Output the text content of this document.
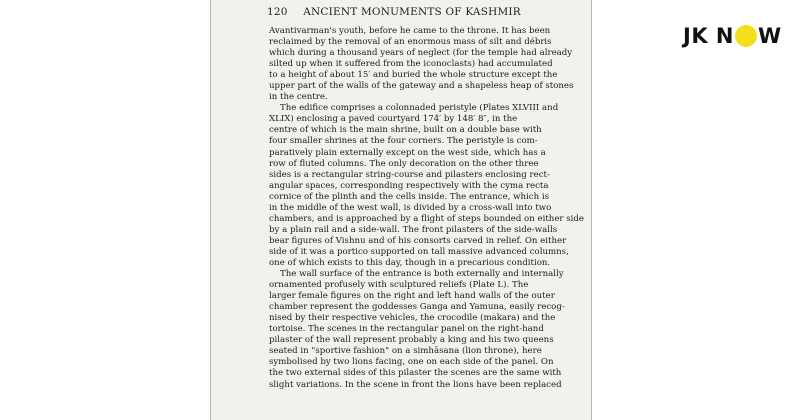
120 ANCIENT MONUMENTS OF KASHMIR
Avantivarman's youth, before he came to the throne. It has been
reclaimed by the removal of an enormous mass of silt and débris
which during a thousand years of neglect (for the temple had already
silted up when it suffered from the iconoclasts) had accumulated
to a height of about 15′ and buried the whole structure except the
upper part of the walls of the gateway and a shapeless heap of stones
in the centre.
The edifice comprises a colonnaded peristyle (Plates XLVIII and
XLIX) enclosing a paved courtyard 174′ by 148′ 8″, in the
centre of which is the main shrine, built on a double base with
four smaller shrines at the four corners. The peristyle is com-
paratively plain externally except on the west side, which has a
row of fluted columns. The only decoration on the other three
sides is a rectangular string-course and pilasters enclosing rect-
angular spaces, corresponding respectively with the cyma recta
cornice of the plinth and the cells inside. The entrance, which is
in the middle of the west wall, is divided by a cross-wall into two
chambers, and is approached by a flight of steps bounded on either side
by a plain rail and a side-wall. The front pilasters of the side-walls
bear figures of Vishnu and of his consorts carved in relief. On either
side of it was a portico supported on tall massive advanced columns,
one of which exists to this day, though in a precarious condition.
The wall surface of the entrance is both externally and internally
ornamented profusely with sculptured reliefs (Plate L). The
larger female figures on the right and left hand walls of the outer
chamber represent the goddesses Ganga and Yamuna, easily recog-
nised by their respective vehicles, the crocodile (makara) and the
tortoise. The scenes in the rectangular panel on the right-hand
pilaster of the wall represent probably a king and his two queens
seated in "sportive fashion" on a simhāsana (lion throne), here
symbolised by two lions facing, one on each side of the panel. On
the two external sides of this pilaster the scenes are the same with
slight variations. In the scene in front the lions have been replaced
JK N W
